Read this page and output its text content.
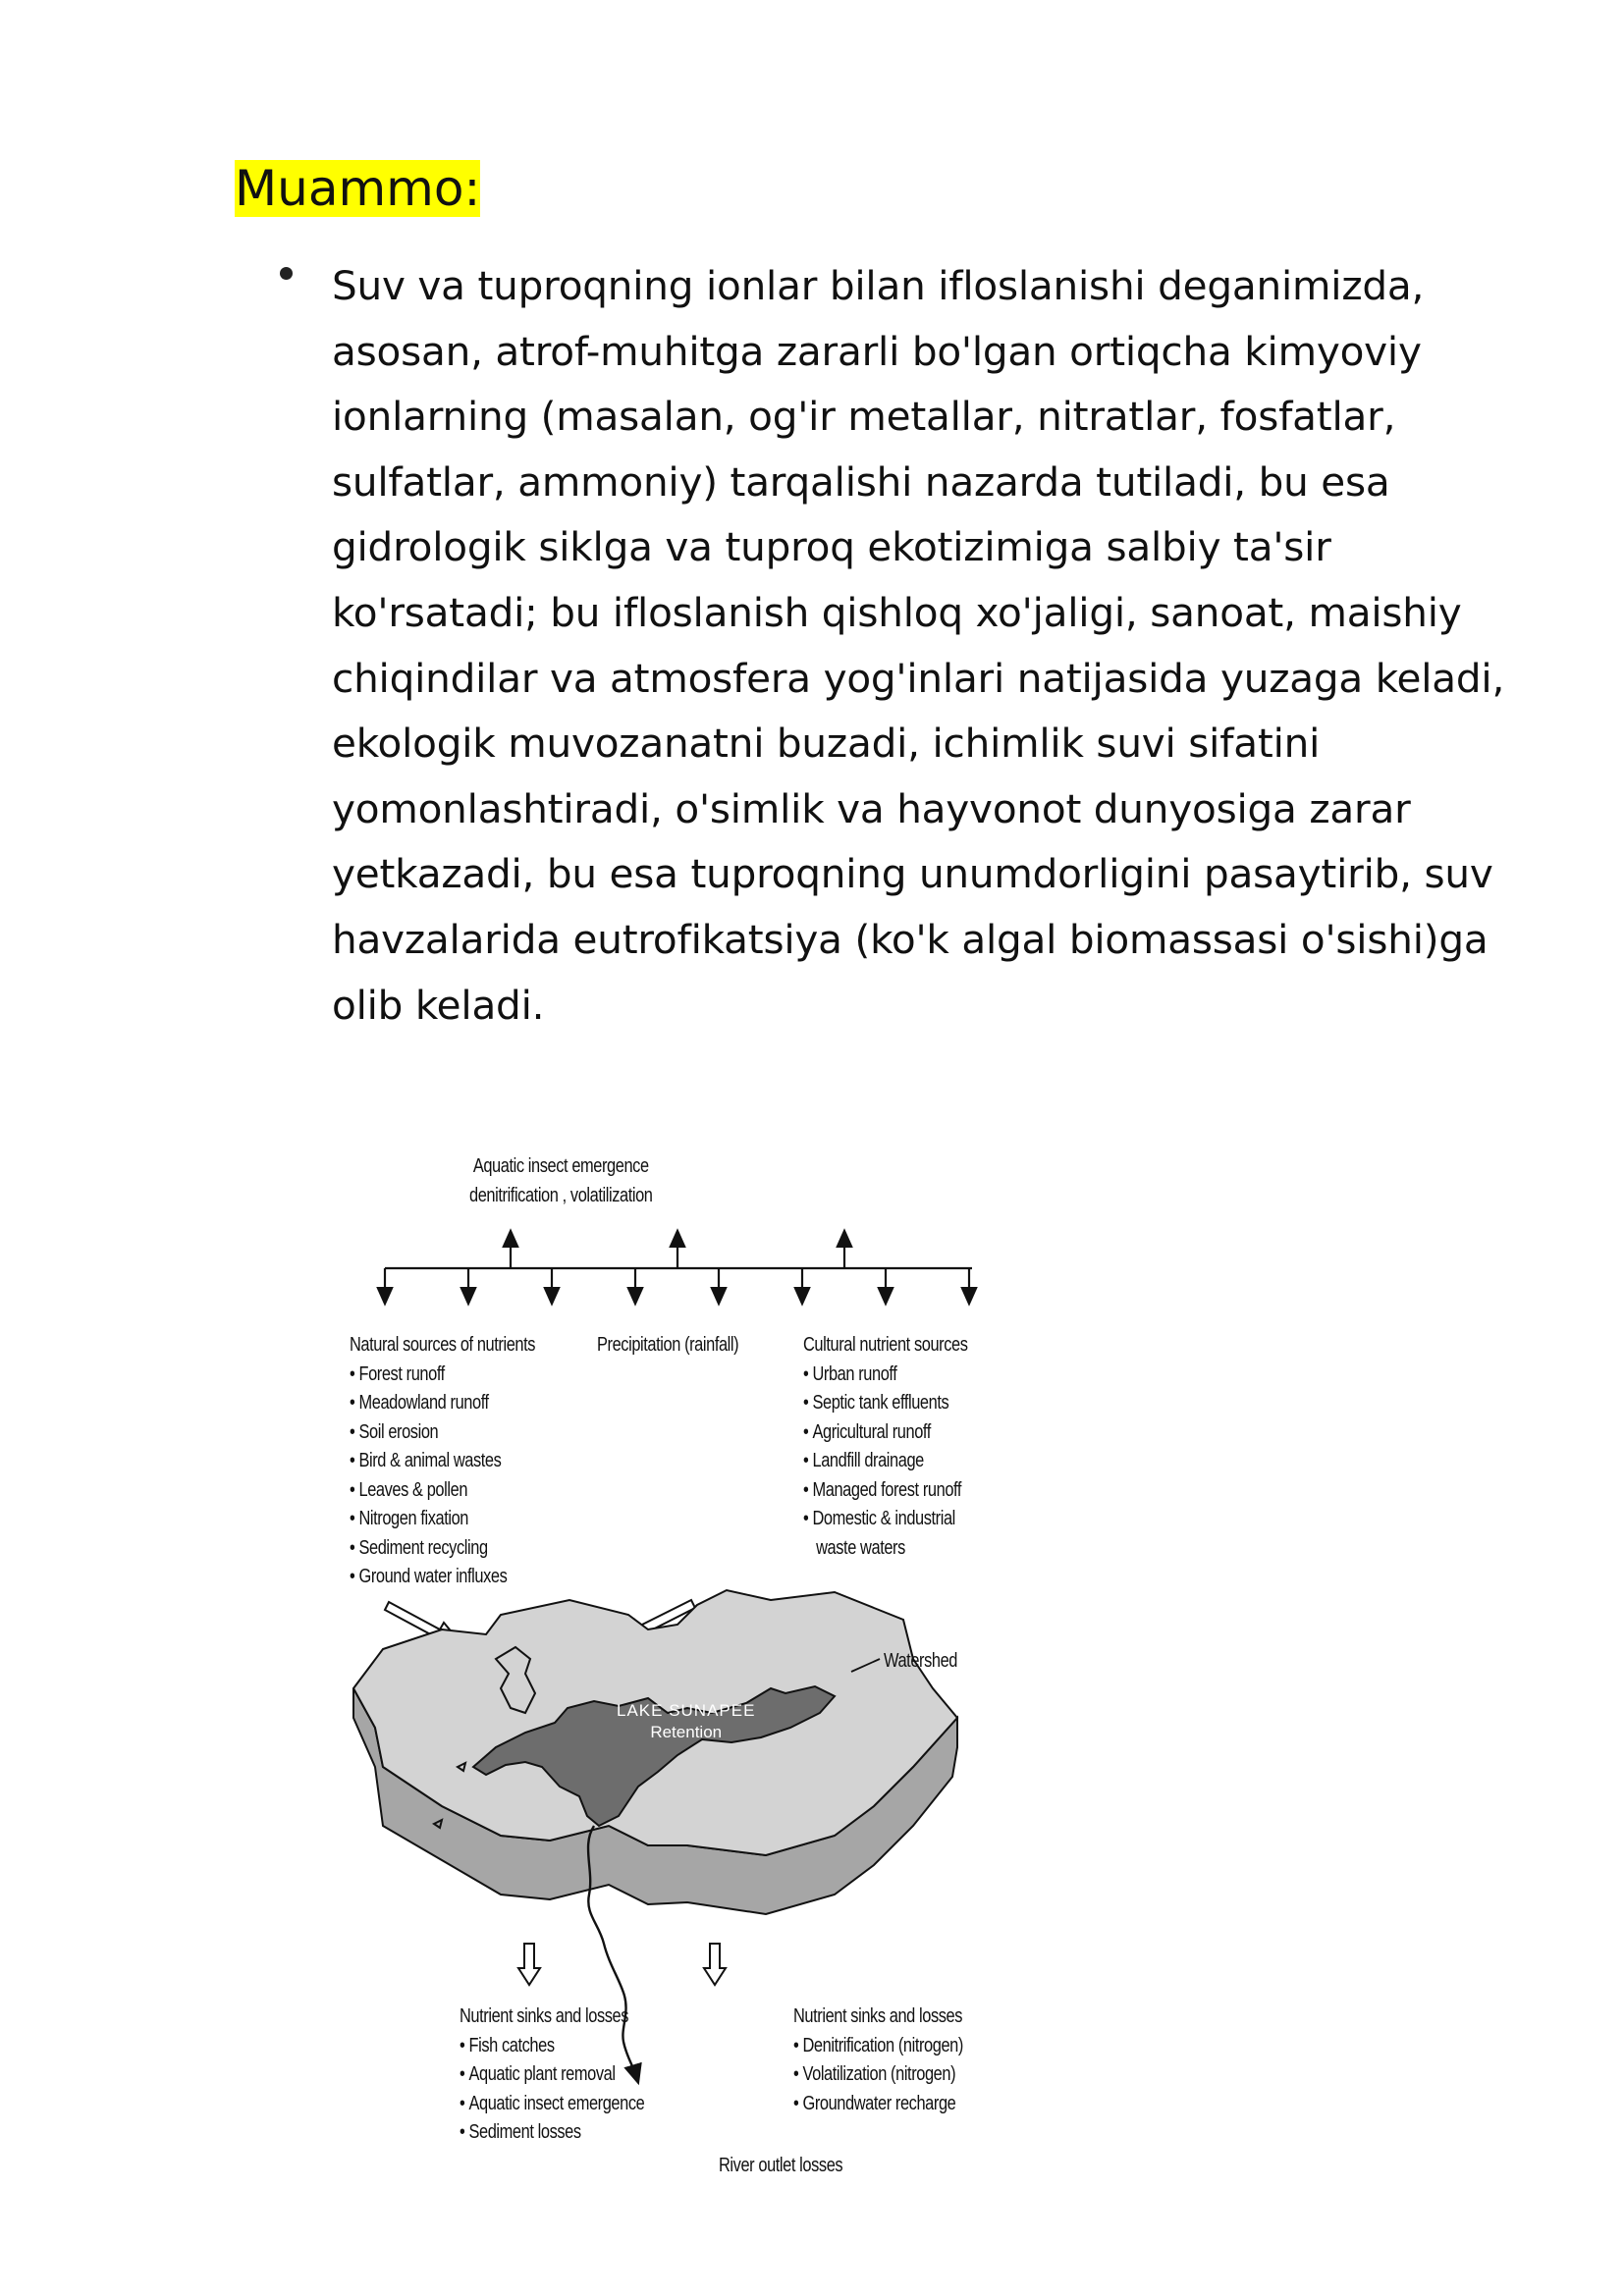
Muammo:
Suv va tuproqning ionlar bilan ifloslanishi deganimizda,
asosan, atrof-muhitga zararli bo'lgan ortiqcha kimyoviy
ionlarning (masalan, og'ir metallar, nitratlar, fosfatlar,
sulfatlar, ammoniy) tarqalishi nazarda tutiladi, bu esa
gidrologik siklga va tuproq ekotizimiga salbiy ta'sir
ko'rsatadi; bu ifloslanish qishloq xo'jaligi, sanoat, maishiy
chiqindilar va atmosfera yog'inlari natijasida yuzaga keladi,
ekologik muvozanatni buzadi, ichimlik suvi sifatini
yomonlashtiradi, o'simlik va hayvonot dunyosiga zarar
yetkazadi, bu esa tuproqning unumdorligini pasaytirib, suv
havzalarida eutrofikatsiya (ko'k algal biomassasi o'sishi)ga
olib keladi.
Aquatic insect emergence
denitrification , volatilization
Natural sources of nutrients
• Forest runoff
• Meadowland runoff
• Soil erosion
• Bird & animal wastes
• Leaves & pollen
• Nitrogen fixation
• Sediment recycling
• Ground water influxes
Precipitation (rainfall)	Cultural nutrient sources
• Urban runoff
• Septic tank effluents
• Agricultural runoff
• Landfill drainage
• Managed forest runoff
• Domestic & industrial
waste waters
Watershed
LAKE SUNAPEE
Retention
Nutrient sinks and losses
• Fish catches
• Aquatic plant removal
• Aquatic insect emergence
• Sediment losses
Nutrient sinks and losses
• Denitrification (nitrogen)
• Volatilization (nitrogen)
• Groundwater recharge
River outlet losses
